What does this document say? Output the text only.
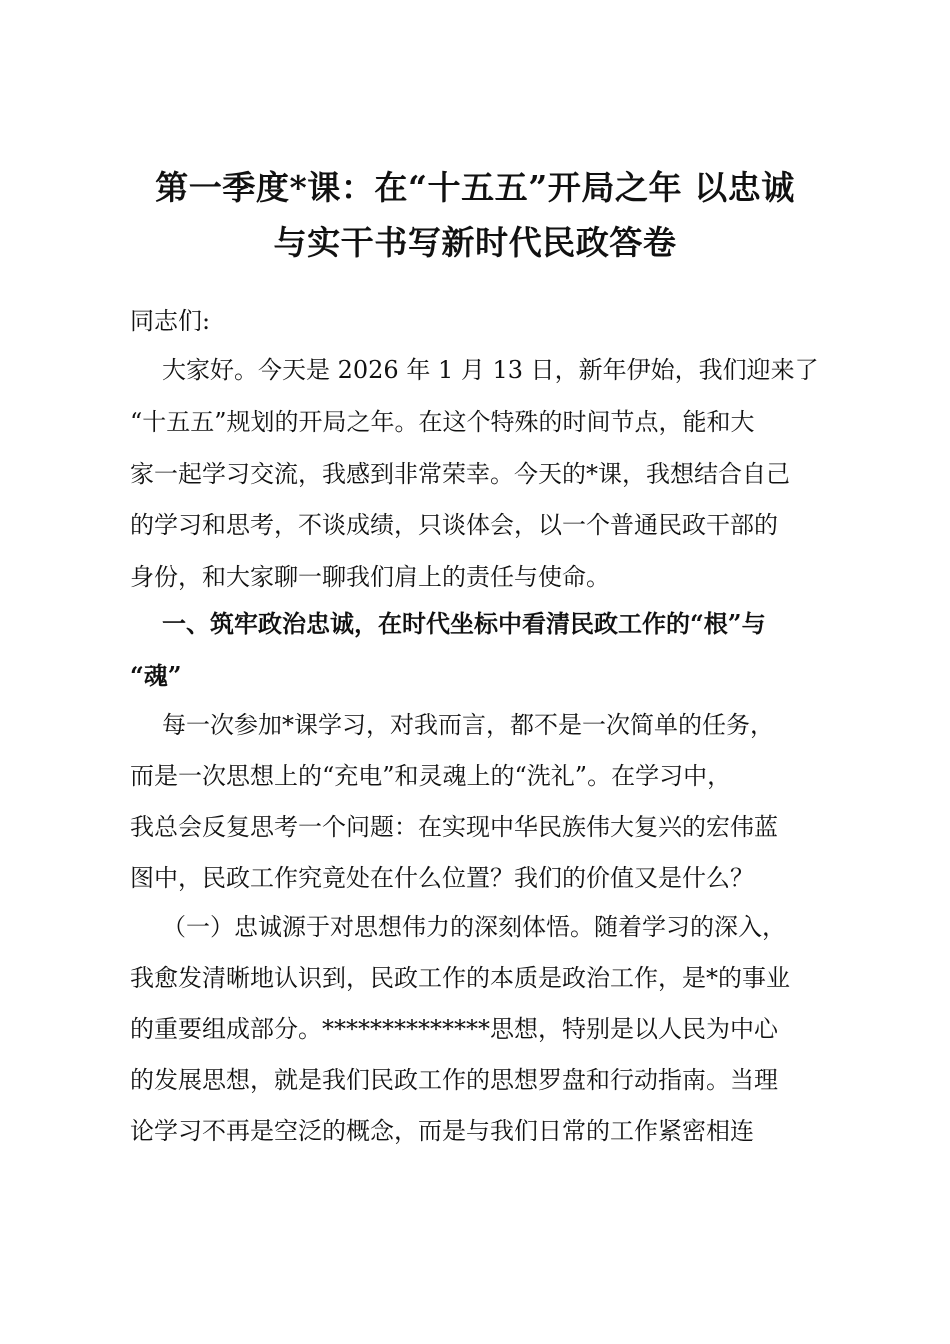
第一季度*课：在“十五五”开局之年 以忠诚
与实干书写新时代民政答卷
同志们:
大家好。今天是 2026 年 1 月 13 日，新年伊始，我们迎来了
“十五五”规划的开局之年。在这个特殊的时间节点，能和大
家一起学习交流，我感到非常荣幸。今天的*课，我想结合自己
的学习和思考，不谈成绩，只谈体会，以一个普通民政干部的
身份，和大家聊一聊我们肩上的责任与使命。
一、筑牢政治忠诚，在时代坐标中看清民政工作的“根”与
“魂”
每一次参加*课学习，对我而言，都不是一次简单的任务，
而是一次思想上的“充电”和灵魂上的“洗礼”。在学习中，
我总会反复思考一个问题：在实现中华民族伟大复兴的宏伟蓝
图中，民政工作究竟处在什么位置？我们的价值又是什么？
（一）忠诚源于对思想伟力的深刻体悟。随着学习的深入，
我愈发清晰地认识到，民政工作的本质是政治工作，是*的事业
的重要组成部分。**************思想，特别是以人民为中心
的发展思想，就是我们民政工作的思想罗盘和行动指南。当理
论学习不再是空泛的概念，而是与我们日常的工作紧密相连
